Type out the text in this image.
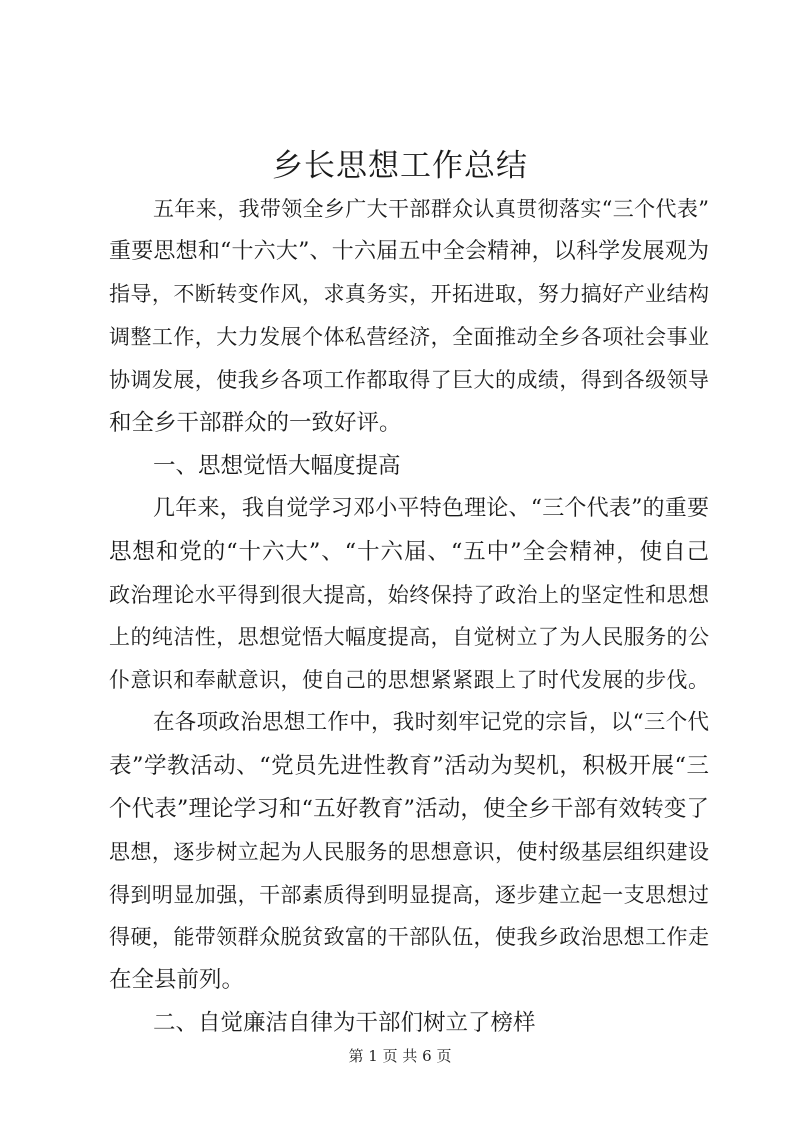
乡长思想工作总结

五年来，我带领全乡广大干部群众认真贯彻落实“三个代表”

重要思想和“十六大”、十六届五中全会精神，以科学发展观为

指导，不断转变作风，求真务实，开拓进取，努力搞好产业结构

调整工作，大力发展个体私营经济，全面推动全乡各项社会事业

协调发展，使我乡各项工作都取得了巨大的成绩，得到各级领导

和全乡干部群众的一致好评。

一、思想觉悟大幅度提高

几年来，我自觉学习邓小平特色理论、“三个代表”的重要

思想和党的“十六大”、“十六届、“五中”全会精神，使自己

政治理论水平得到很大提高，始终保持了政治上的坚定性和思想

上的纯洁性，思想觉悟大幅度提高，自觉树立了为人民服务的公

仆意识和奉献意识，使自己的思想紧紧跟上了时代发展的步伐。

在各项政治思想工作中，我时刻牢记党的宗旨，以“三个代

表”学教活动、“党员先进性教育”活动为契机，积极开展“三

个代表”理论学习和“五好教育”活动，使全乡干部有效转变了

思想，逐步树立起为人民服务的思想意识，使村级基层组织建设

得到明显加强，干部素质得到明显提高，逐步建立起一支思想过

得硬，能带领群众脱贫致富的干部队伍，使我乡政治思想工作走

在全县前列。

二、自觉廉洁自律为干部们树立了榜样

第 1 页 共 6 页
